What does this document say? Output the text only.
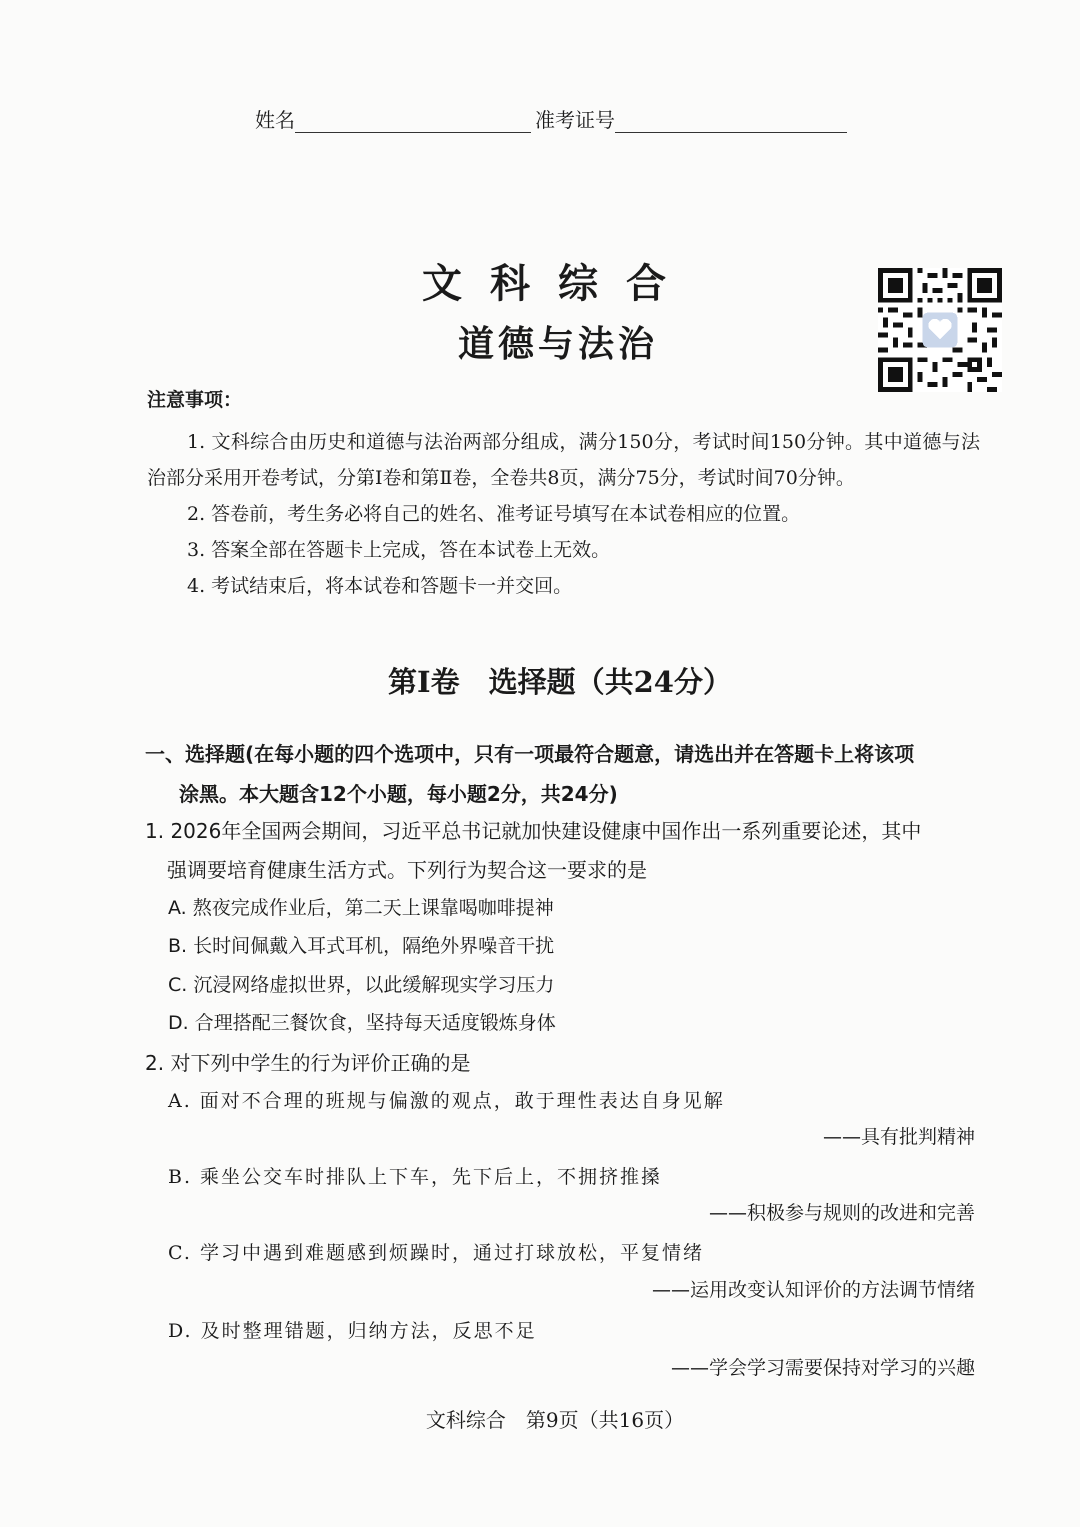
姓名	准考证号
文科综合
道德与法治
注意事项：

1. 文科综合由历史和道德与法治两部分组成，满分150分，考试时间150分钟。其中道德与法治部分采用开卷考试，分第Ⅰ卷和第Ⅱ卷，全卷共8页，满分75分，考试时间70分钟。

2. 答卷前，考生务必将自己的姓名、准考证号填写在本试卷相应的位置。

3. 答案全部在答题卡上完成，答在本试卷上无效。

4. 考试结束后，将本试卷和答题卡一并交回。

第Ⅰ卷　选择题（共24分）
一、选择题(在每小题的四个选项中，只有一项最符合题意，请选出并在答题卡上将该项
涂黑。本大题含12个小题，每小题2分，共24分)
1. 2026年全国两会期间，习近平总书记就加快建设健康中国作出一系列重要论述，其中
强调要培育健康生活方式。下列行为契合这一要求的是
A. 熬夜完成作业后，第二天上课靠喝咖啡提神
B. 长时间佩戴入耳式耳机，隔绝外界噪音干扰
C. 沉浸网络虚拟世界，以此缓解现实学习压力
D. 合理搭配三餐饮食，坚持每天适度锻炼身体
2. 对下列中学生的行为评价正确的是
A. 面对不合理的班规与偏激的观点，敢于理性表达自身见解
——具有批判精神
B. 乘坐公交车时排队上下车，先下后上，不拥挤推搡
——积极参与规则的改进和完善
C. 学习中遇到难题感到烦躁时，通过打球放松，平复情绪
——运用改变认知评价的方法调节情绪
D. 及时整理错题，归纳方法，反思不足
——学会学习需要保持对学习的兴趣
文科综合　第9页（共16页）
